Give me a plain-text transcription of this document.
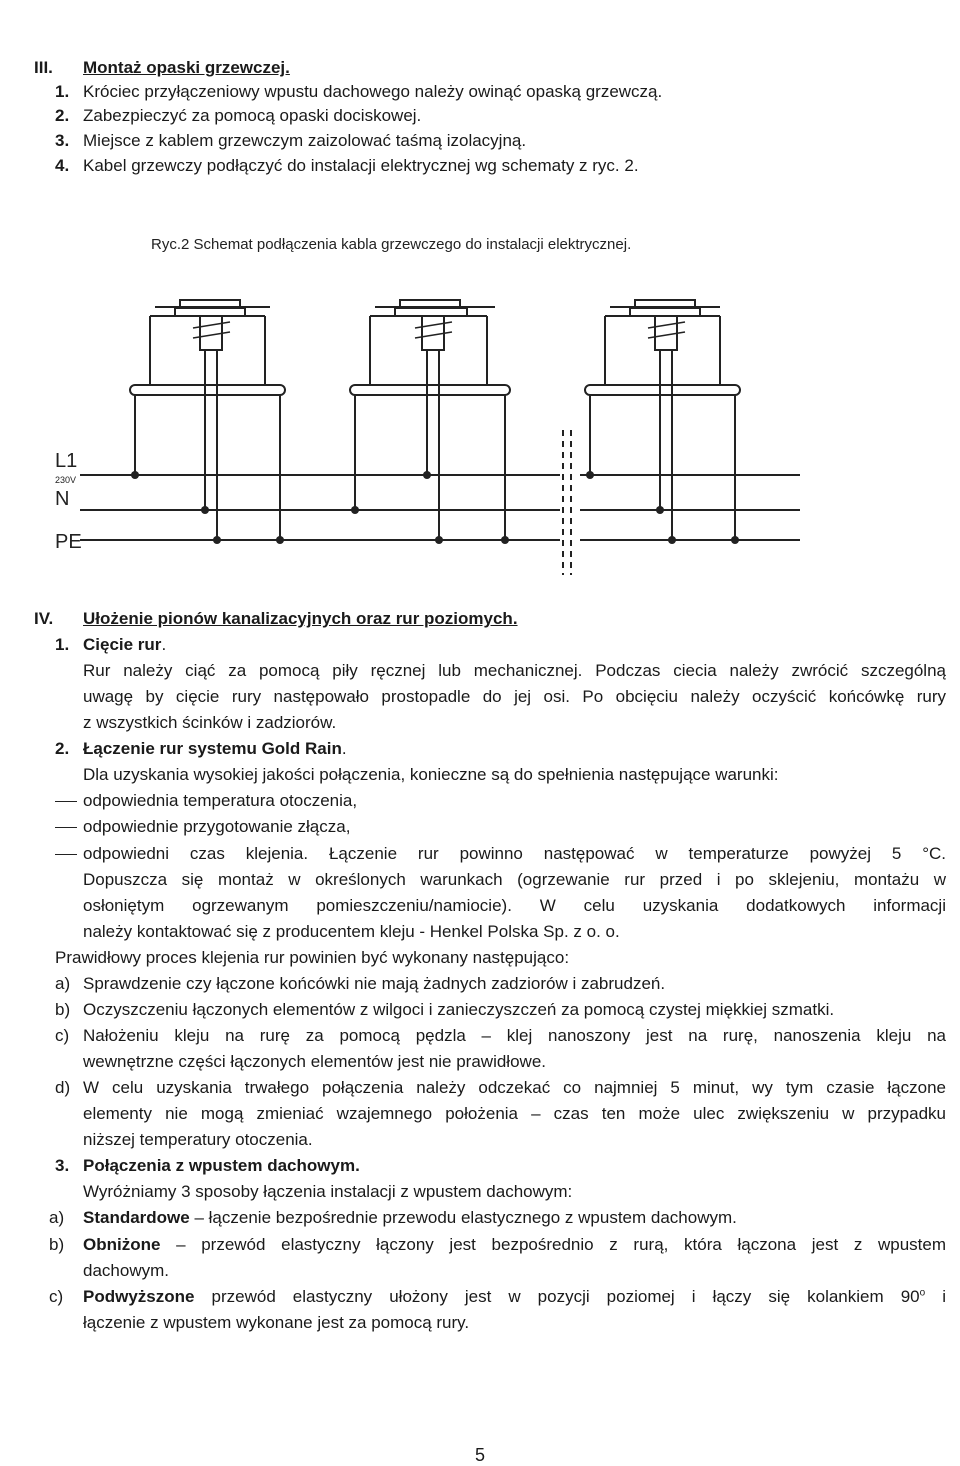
III. Montaż opaski grzewczej.
1. Króciec przyłączeniowy wpustu dachowego należy owinąć opaską grzewczą.
2. Zabezpieczyć za pomocą opaski dociskowej.
3. Miejsce z kablem grzewczym zaizolować taśmą izolacyjną.
4. Kabel grzewczy podłączyć do instalacji elektrycznej wg schematy z ryc. 2.
Ryc.2 Schemat podłączenia kabla grzewczego do instalacji elektrycznej.
L1
230V
N
PE
IV. Ułożenie pionów kanalizacyjnych oraz rur poziomych.
1. Cięcie rur.
Rur należy ciąć za pomocą piły ręcznej lub mechanicznej. Podczas ciecia należy zwrócić szczególną
uwagę by cięcie rury następowało prostopadle do jej osi. Po obcięciu należy oczyścić końcówkę rury
z wszystkich ścinków i zadziorów.
2. Łączenie rur systemu Gold Rain.
Dla uzyskania wysokiej jakości połączenia, konieczne są do spełnienia następujące warunki:
odpowiednia temperatura otoczenia,
odpowiednie przygotowanie złącza,
odpowiedni czas klejenia. Łączenie rur powinno następować w temperaturze powyżej 5 °C.
Dopuszcza się montaż w określonych warunkach (ogrzewanie rur przed i po sklejeniu, montażu w
osłoniętym ogrzewanym pomieszczeniu/namiocie). W celu uzyskania dodatkowych informacji
należy kontaktować się z producentem kleju - Henkel Polska Sp. z o. o.
Prawidłowy proces klejenia rur powinien być wykonany następująco:
a) Sprawdzenie czy łączone końcówki nie mają żadnych zadziorów i zabrudzeń.
b) Oczyszczeniu łączonych elementów z wilgoci i zanieczyszczeń za pomocą czystej miękkiej szmatki.
c) Nałożeniu kleju na rurę za pomocą pędzla – klej nanoszony jest na rurę, nanoszenia kleju na
wewnętrzne części łączonych elementów jest nie prawidłowe.
d) W celu uzyskania trwałego połączenia należy odczekać co najmniej 5 minut, wy tym czasie łączone
elementy nie mogą zmieniać wzajemnego położenia – czas ten może ulec zwiększeniu w przypadku
niższej temperatury otoczenia.
3. Połączenia z wpustem dachowym.
Wyróżniamy 3 sposoby łączenia instalacji z wpustem dachowym:
a) Standardowe – łączenie bezpośrednie przewodu elastycznego z wpustem dachowym.
b) Obniżone – przewód elastyczny łączony jest bezpośrednio z rurą, która łączona jest z wpustem
dachowym.
c) Podwyższone przewód elastyczny ułożony jest w pozycji poziomej i łączy się kolankiem 90$^o$ i
łączenie z wpustem wykonane jest za pomocą rury.
5
